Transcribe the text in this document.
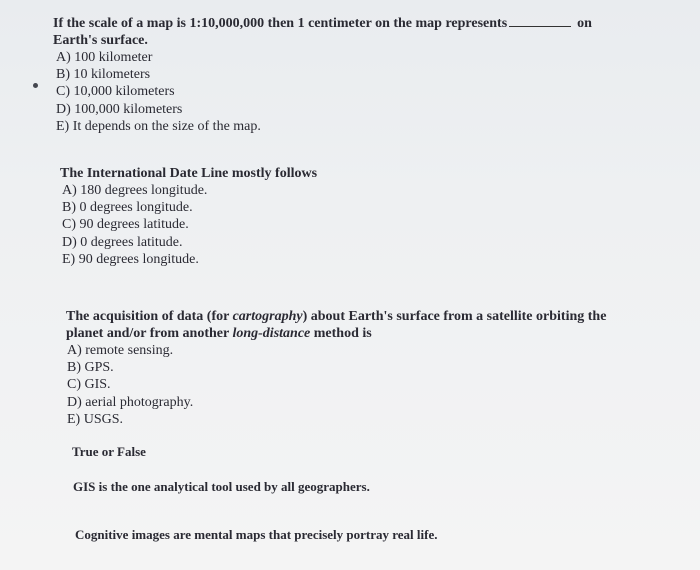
If the scale of a map is 1:10,000,000 then 1 centimeter on the map represents	on
Earth's surface.
A) 100 kilometer
B) 10 kilometers
C) 10,000 kilometers
D) 100,000 kilometers
E) It depends on the size of the map.
The International Date Line mostly follows
A) 180 degrees longitude.
B) 0 degrees longitude.
C) 90 degrees latitude.
D) 0 degrees latitude.
E) 90 degrees longitude.
The acquisition of data (for cartography) about Earth's surface from a satellite orbiting the
planet and/or from another long-distance method is
A) remote sensing.
B) GPS.
C) GIS.
D) aerial photography.
E) USGS.
True or False
GIS is the one analytical tool used by all geographers.
Cognitive images are mental maps that precisely portray real life.
